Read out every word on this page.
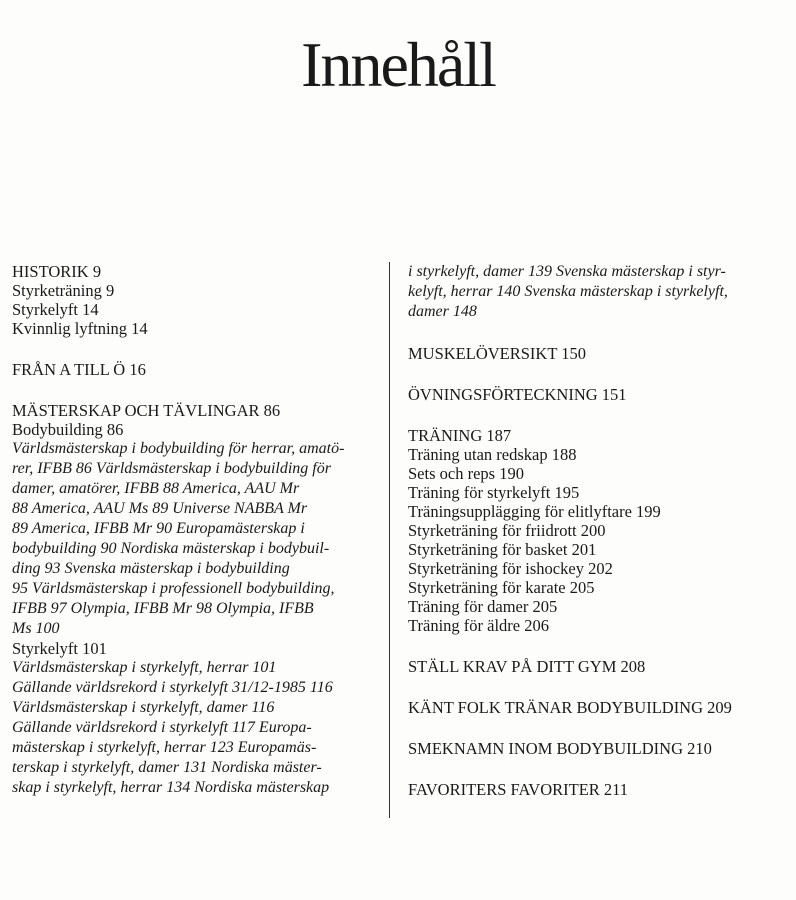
Innehåll

HISTORIK 9

Styrketräning 9

Styrkelyft 14

Kvinnlig lyftning 14

FRÅN A TILL Ö 16

MÄSTERSKAP OCH TÄVLINGAR 86

Bodybuilding 86

Världsmästerskap i bodybuilding för herrar, amatö-

rer, IFBB 86 Världsmästerskap i bodybuilding för

damer, amatörer, IFBB 88 America, AAU Mr

88 America, AAU Ms 89 Universe NABBA Mr

89 America, IFBB Mr 90 Europamästerskap i

bodybuilding 90 Nordiska mästerskap i bodybuil-

ding 93 Svenska mästerskap i bodybuilding

95 Världsmästerskap i professionell bodybuilding,

IFBB 97 Olympia, IFBB Mr 98 Olympia, IFBB

Ms 100

Styrkelyft 101

Världsmästerskap i styrkelyft, herrar 101

Gällande världsrekord i styrkelyft 31/12-1985 116

Världsmästerskap i styrkelyft, damer 116

Gällande världsrekord i styrkelyft 117 Europa-

mästerskap i styrkelyft, herrar 123 Europamäs-

terskap i styrkelyft, damer 131 Nordiska mäster-

skap i styrkelyft, herrar 134 Nordiska mästerskap

i styrkelyft, damer 139 Svenska mästerskap i styr-

kelyft, herrar 140 Svenska mästerskap i styrkelyft,

damer 148

MUSKELÖVERSIKT 150

ÖVNINGSFÖRTECKNING 151

TRÄNING 187

Träning utan redskap 188

Sets och reps 190

Träning för styrkelyft 195

Träningsupplägging för elitlyftare 199

Styrketräning för friidrott 200

Styrketräning för basket 201

Styrketräning för ishockey 202

Styrketräning för karate 205

Träning för damer 205

Träning för äldre 206

STÄLL KRAV PÅ DITT GYM 208

KÄNT FOLK TRÄNAR BODYBUILDING 209

SMEKNAMN INOM BODYBUILDING 210

FAVORITERS FAVORITER 211
